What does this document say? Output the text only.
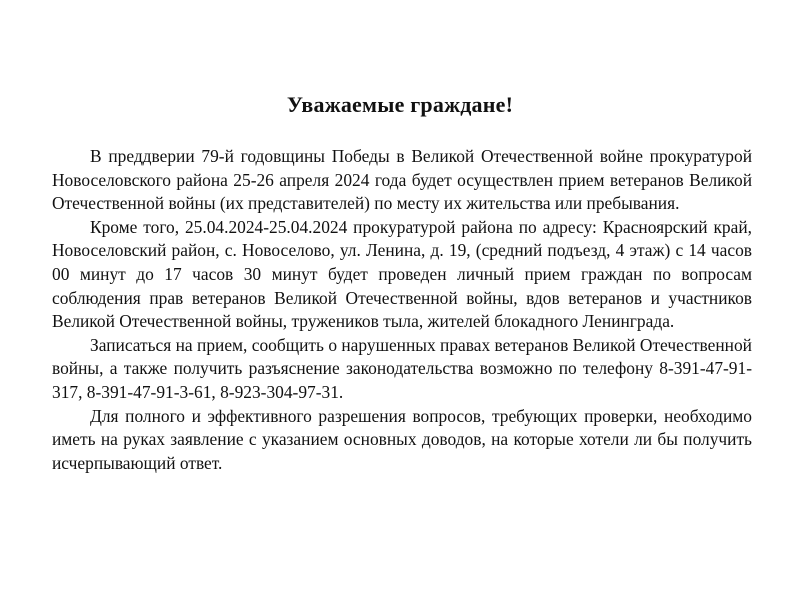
Уважаемые граждане!

В преддверии 79-й годовщины Победы в Великой Отечественной войне прокуратурой Новоселовского района 25-26 апреля 2024 года будет осуществлен прием ветеранов Великой Отечественной войны (их представителей) по месту их жительства или пребывания.

Кроме того, 25.04.2024-25.04.2024 прокуратурой района по адресу: Красноярский край, Новоселовский район, с. Новоселово, ул. Ленина, д. 19, (средний подъезд, 4 этаж) с 14 часов 00 минут до 17 часов 30 минут будет проведен личный прием граждан по вопросам соблюдения прав ветеранов Великой Отечественной войны, вдов ветеранов и участников Великой Отечественной войны, тружеников тыла, жителей блокадного Ленинграда.

Записаться на прием, сообщить о нарушенных правах ветеранов Великой Отечественной войны, а также получить разъяснение законодательства возможно по телефону 8-391-47-91-317, 8-391-47-91-3-61, 8-923-304-97-31.

Для полного и эффективного разрешения вопросов, требующих проверки, необходимо иметь на руках заявление с указанием основных доводов, на которые хотели ли бы получить исчерпывающий ответ.
